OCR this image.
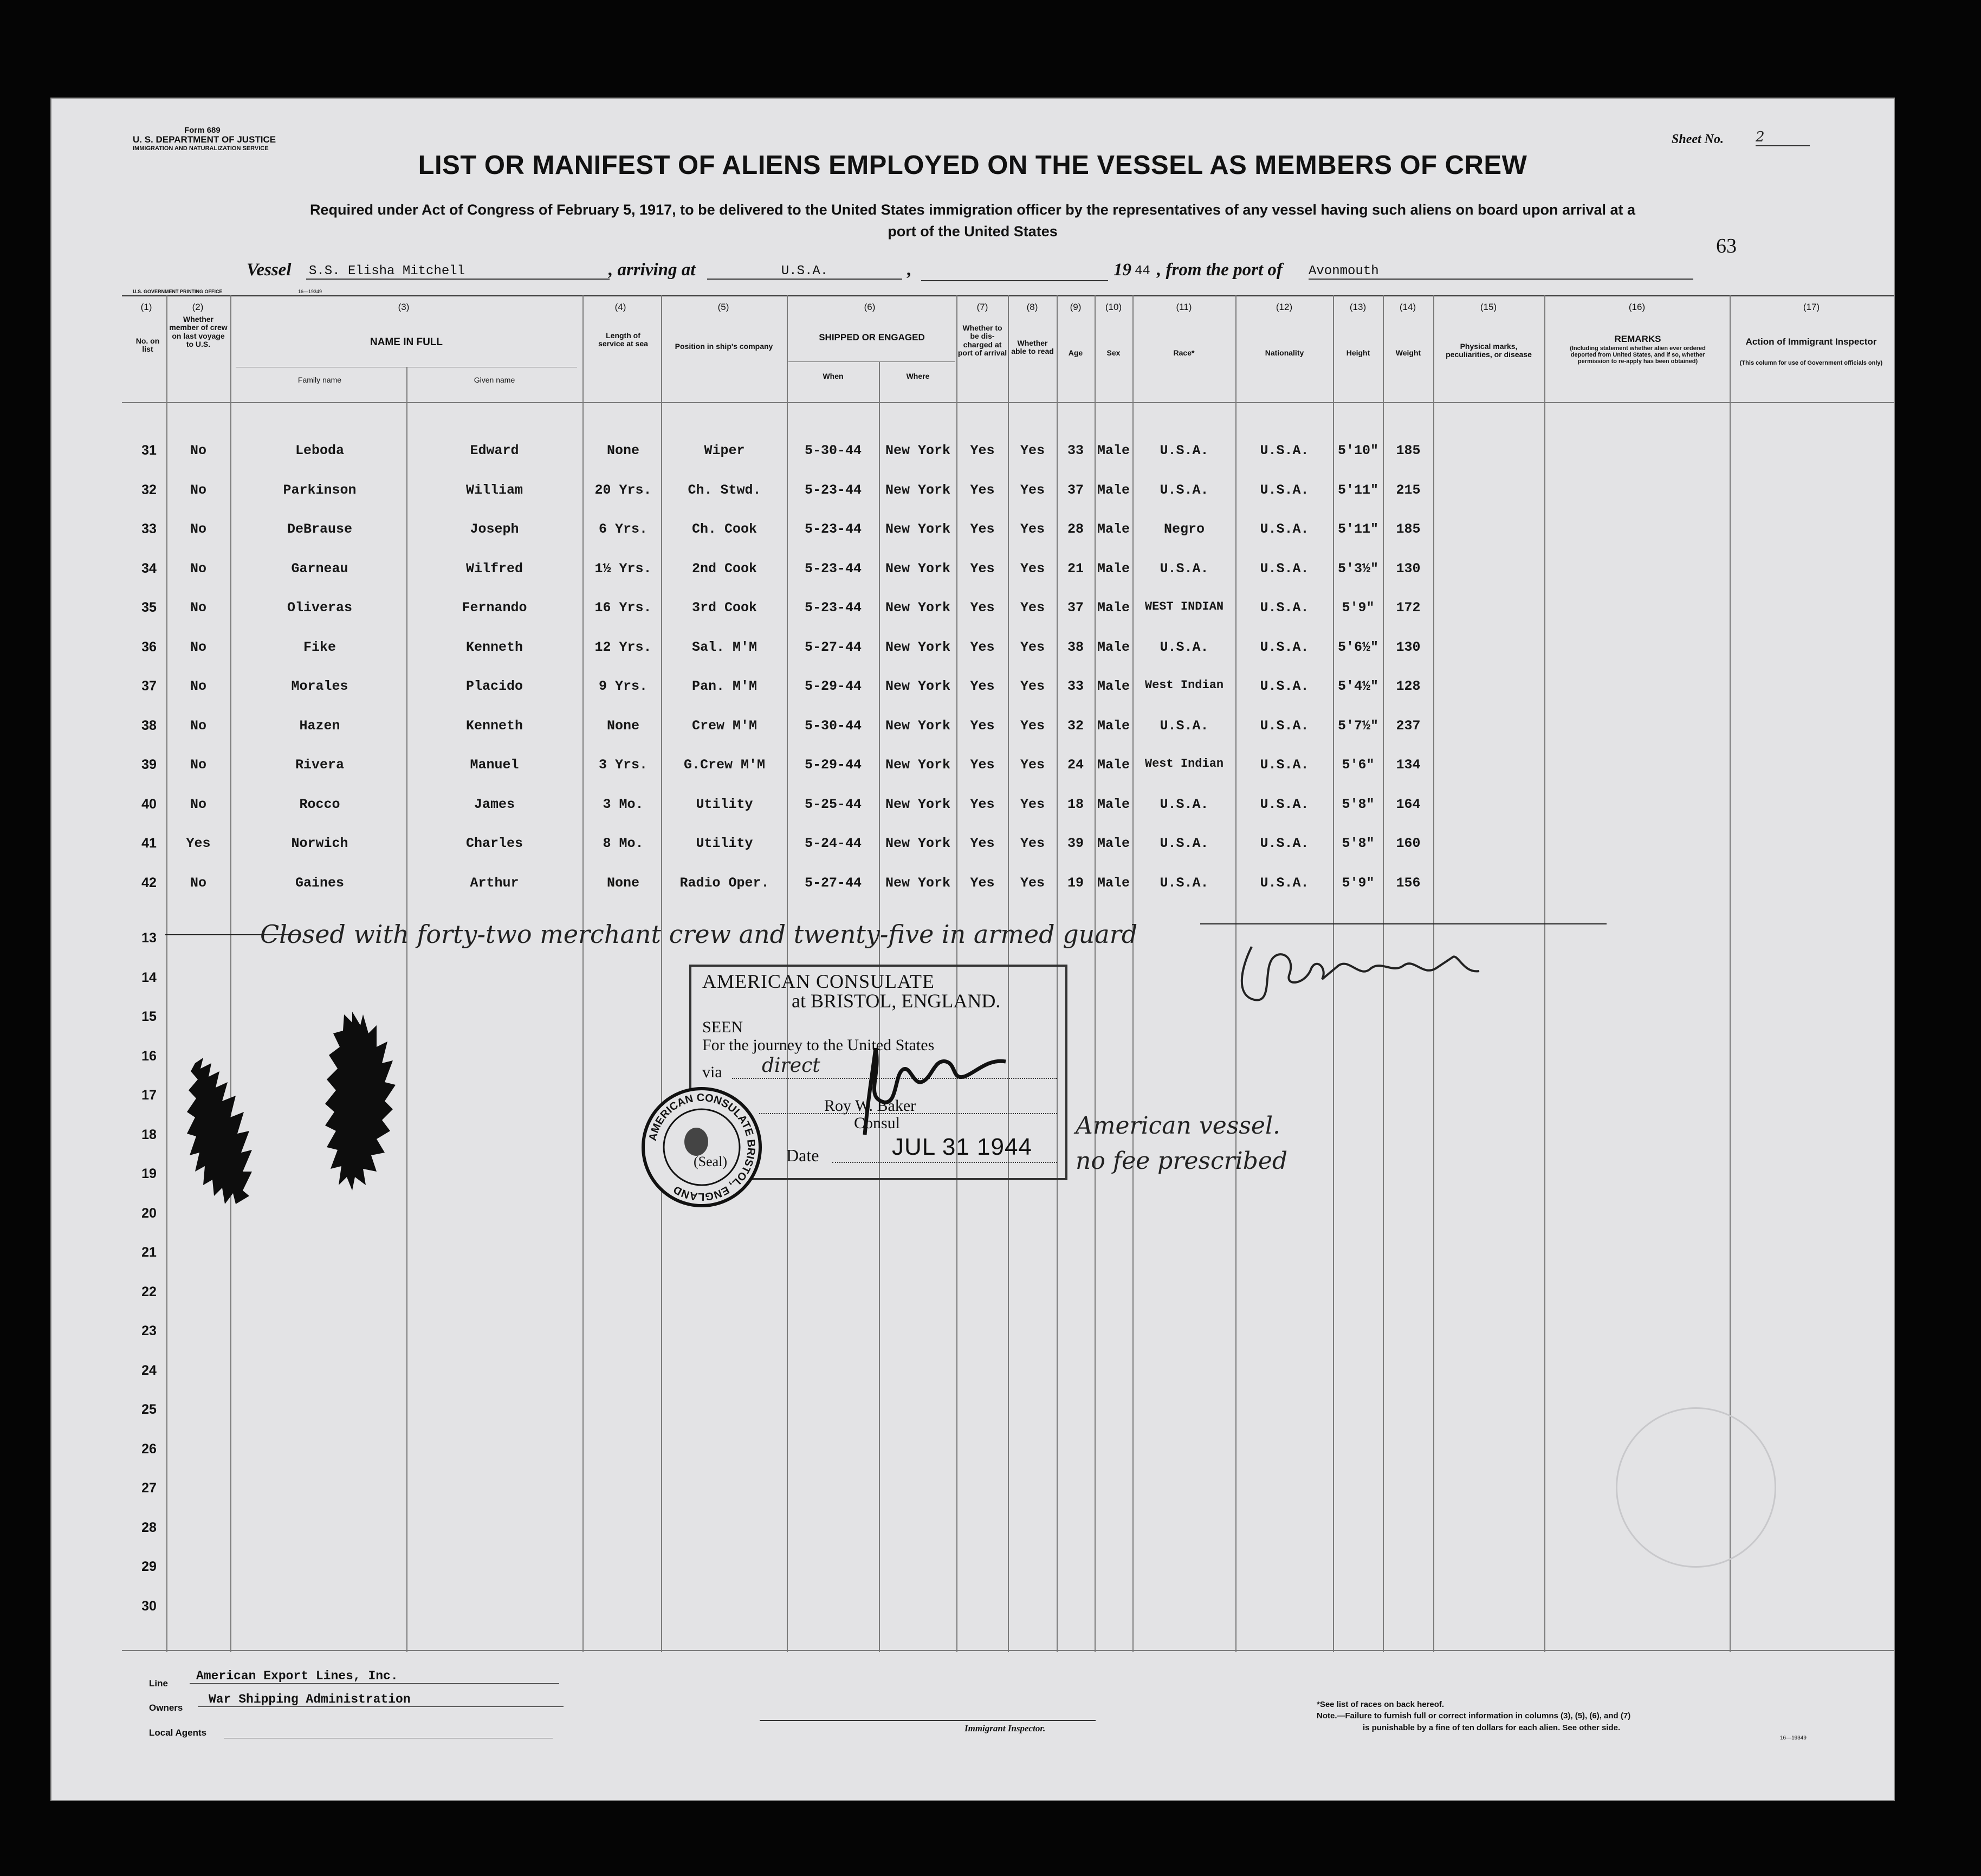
Form 689
U. S. DEPARTMENT OF JUSTICE
IMMIGRATION AND NATURALIZATION SERVICE
Sheet No. 2
LIST OR MANIFEST OF ALIENS EMPLOYED ON THE VESSEL AS MEMBERS OF CREW
Required under Act of Congress of February 5, 1917, to be delivered to the United States immigration officer by the representatives of any vessel having such aliens on board upon arrival at a
port of the United States
63
Vessel S.S. Elisha Mitchell	, arriving at	U.S.A.	,	19 44 , from the port of Avonmouth
U.S. GOVERNMENT PRINTING OFFICE	16—19349
(1)	(2)	(3)	(4)	(5)	(6)	(7)	(8)	(9)	(10)	(11)	(12)	(13)	(14)	(15)	(16)	(17)
No. on list
Whether member of crew on last voyage to U.S.	NAME IN FULL
Family name	Given name
Length of service at sea	Position in ship's company
SHIPPED OR ENGAGED
When	Where
Whether to be dis-charged at port of arrival
Whether able to read	Age	Sex	Race*	Nationality	Height	Weight
Physical marks, peculiarities, or disease
REMARKS
(Including statement whether alien ever ordered deported from United States, and if so, whether permission to re-apply has been obtained)
Action of Immigrant Inspector
(This column for use of Government officials only)
31	No	Leboda	Edward	None	Wiper	5-30-44	New York	Yes	Yes	33 Male	U.S.A.	U.S.A.	5'10"	185
32	No	Parkinson	William	20 Yrs.	Ch. Stwd.	5-23-44	New York	Yes	Yes	37 Male	U.S.A.	U.S.A.	5'11"	215
33	No	DeBrause	Joseph	6 Yrs.	Ch. Cook	5-23-44	New York	Yes	Yes	28 Male	Negro	U.S.A.	5'11"	185
34	No	Garneau	Wilfred	1½ Yrs.	2nd Cook	5-23-44	New York	Yes	Yes	21 Male	U.S.A.	U.S.A.	5'3½"	130
35	No	Oliveras	Fernando	16 Yrs.	3rd Cook	5-23-44	New York	Yes	Yes	37 Male	WEST INDIAN	U.S.A.	5'9"	172
36	No	Fike	Kenneth	12 Yrs.	Sal. M'M	5-27-44	New York	Yes	Yes	38 Male	U.S.A.	U.S.A.	5'6½"	130
37	No	Morales	Placido	9 Yrs.	Pan. M'M	5-29-44	New York	Yes	Yes	33 Male	West Indian	U.S.A.	5'4½"	128
38	No	Hazen	Kenneth	None	Crew M'M	5-30-44	New York	Yes	Yes	32 Male	U.S.A.	U.S.A.	5'7½"	237
39	No	Rivera	Manuel	3 Yrs.	G.Crew M'M	5-29-44	New York	Yes	Yes	24 Male	West Indian	U.S.A.	5'6"	134
40	No	Rocco	James	3 Mo.	Utility	5-25-44	New York	Yes	Yes	18 Male	U.S.A.	U.S.A.	5'8"	164
41	Yes	Norwich	Charles	8 Mo.	Utility	5-24-44	New York	Yes	Yes	39 Male	U.S.A.	U.S.A.	5'8"	160
42	No	Gaines	Arthur	None	Radio Oper.	5-27-44	New York	Yes	Yes	19 Male	U.S.A.	U.S.A.	5'9"	156
13
14
15
16
17
18
19
20
21
22
23
24
25
26
27
28
29
30
Closed with forty-two merchant crew and twenty-five in armed guard
AMERICAN CONSULATE
at BRISTOL, ENGLAND.
SEEN
For the journey to the United States
via direct
Roy W. Baker
Consul
Date	JUL 31 1944
AMERICAN CONSULATE BRISTOL, ENGLAND
(Seal)
American vessel.
no fee prescribed
Line
American Export Lines, Inc.
Owners
War Shipping Administration
Local Agents	Immigrant Inspector.
*See list of races on back hereof.
Note.—Failure to furnish full or correct information in columns (3), (5), (6), and (7)
is punishable by a fine of ten dollars for each alien. See other side.
16—19349
